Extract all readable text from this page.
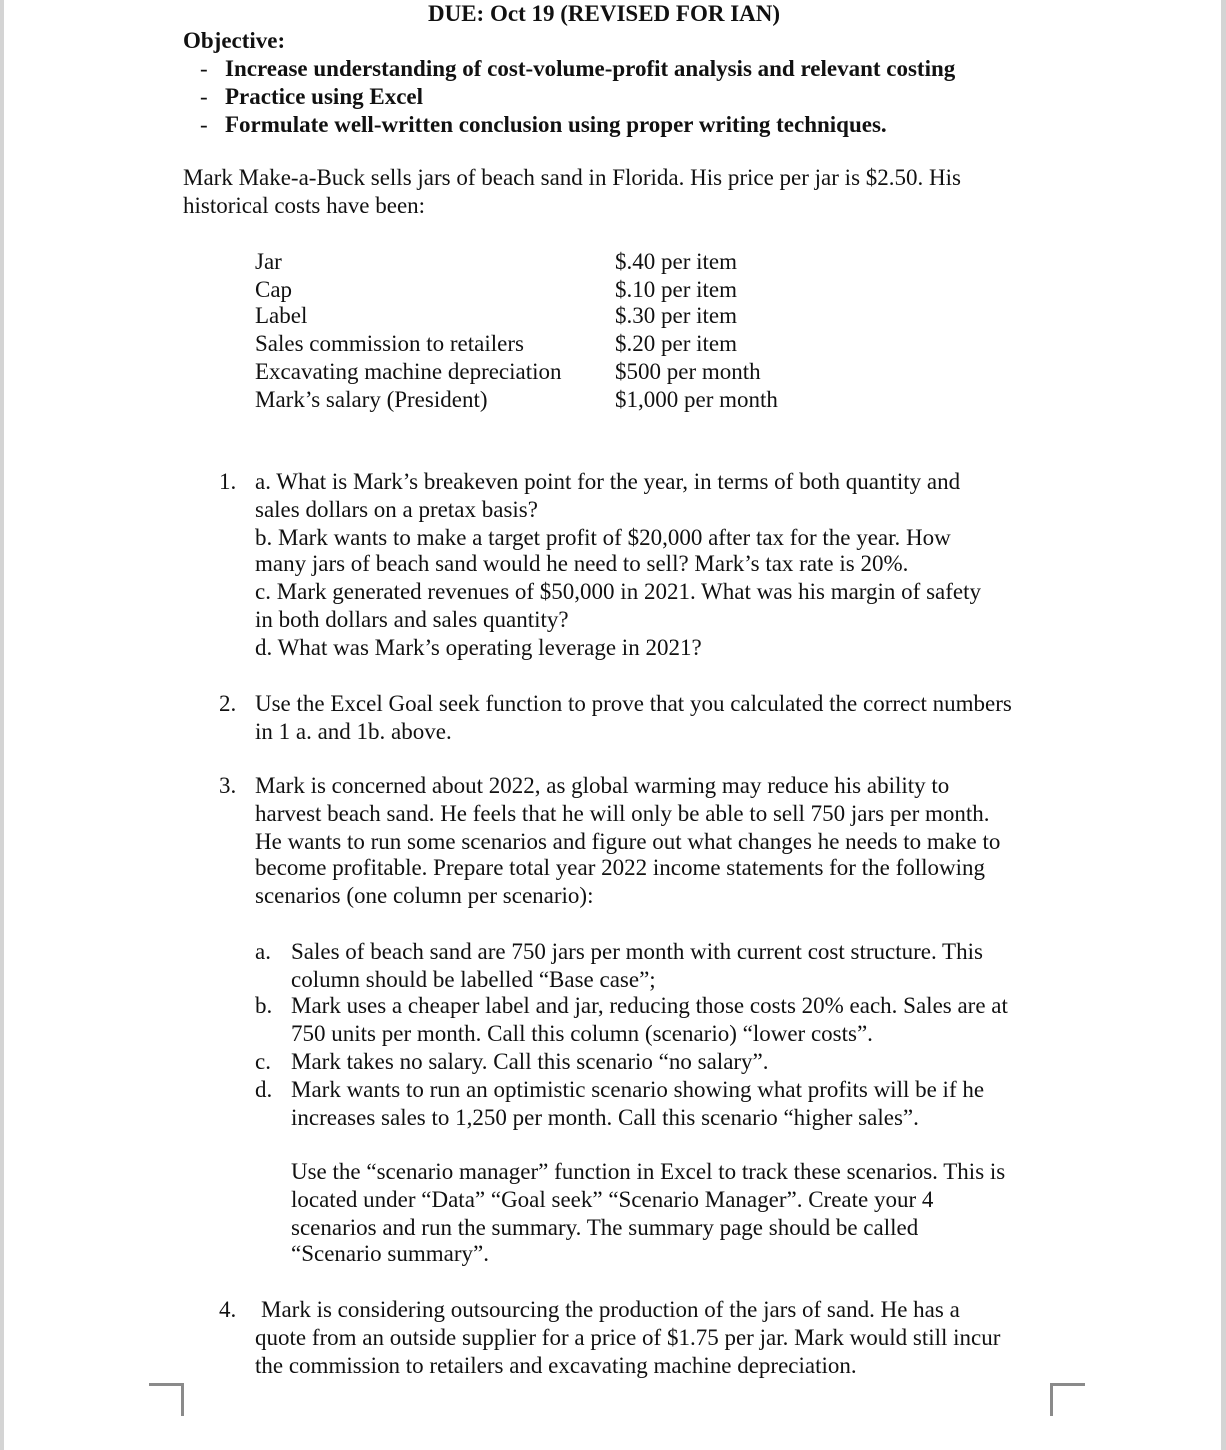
DUE: Oct 19 (REVISED FOR IAN)
Objective:
- Increase understanding of cost-volume-profit analysis and relevant costing
- Practice using Excel
- Formulate well-written conclusion using proper writing techniques.
Mark Make-a-Buck sells jars of beach sand in Florida. His price per jar is $2.50. His
historical costs have been:
Jar	$.40 per item
Cap	$.10 per item
Label	$.30 per item
Sales commission to retailers	$.20 per item
Excavating machine depreciation $500 per month
Mark’s salary (President)	$1,000 per month
1. a. What is Mark’s breakeven point for the year, in terms of both quantity and
sales dollars on a pretax basis?
b. Mark wants to make a target profit of $20,000 after tax for the year. How
many jars of beach sand would he need to sell? Mark’s tax rate is 20%.
c. Mark generated revenues of $50,000 in 2021. What was his margin of safety
in both dollars and sales quantity?
d. What was Mark’s operating leverage in 2021?
2. Use the Excel Goal seek function to prove that you calculated the correct numbers
in 1 a. and 1b. above.
3. Mark is concerned about 2022, as global warming may reduce his ability to
harvest beach sand. He feels that he will only be able to sell 750 jars per month.
He wants to run some scenarios and figure out what changes he needs to make to
become profitable. Prepare total year 2022 income statements for the following
scenarios (one column per scenario):
a. Sales of beach sand are 750 jars per month with current cost structure. This
column should be labelled “Base case”;
b. Mark uses a cheaper label and jar, reducing those costs 20% each. Sales are at
750 units per month. Call this column (scenario) “lower costs”.
c. Mark takes no salary. Call this scenario “no salary”.
d. Mark wants to run an optimistic scenario showing what profits will be if he
increases sales to 1,250 per month. Call this scenario “higher sales”.
Use the “scenario manager” function in Excel to track these scenarios. This is
located under “Data” “Goal seek” “Scenario Manager”. Create your 4
scenarios and run the summary. The summary page should be called
“Scenario summary”.
4. Mark is considering outsourcing the production of the jars of sand. He has a
quote from an outside supplier for a price of $1.75 per jar. Mark would still incur
the commission to retailers and excavating machine depreciation.
